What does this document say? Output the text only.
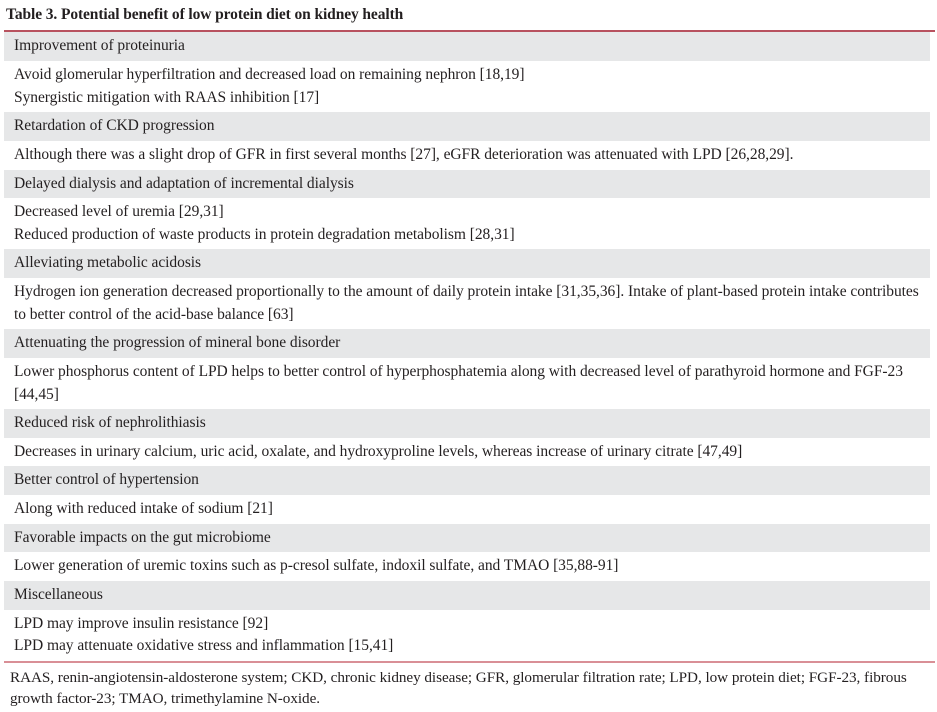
Table 3. Potential benefit of low protein diet on kidney health
Improvement of proteinuria
Avoid glomerular hyperfiltration and decreased load on remaining nephron [18,19]
Synergistic mitigation with RAAS inhibition [17]
Retardation of CKD progression
Although there was a slight drop of GFR in first several months [27], eGFR deterioration was attenuated with LPD [26,28,29].
Delayed dialysis and adaptation of incremental dialysis
Decreased level of uremia [29,31]
Reduced production of waste products in protein degradation metabolism [28,31]
Alleviating metabolic acidosis
Hydrogen ion generation decreased proportionally to the amount of daily protein intake [31,35,36]. Intake of plant-based protein intake contributes to better control of the acid-base balance [63]
Attenuating the progression of mineral bone disorder
Lower phosphorus content of LPD helps to better control of hyperphosphatemia along with decreased level of parathyroid hormone and FGF-23 [44,45]
Reduced risk of nephrolithiasis
Decreases in urinary calcium, uric acid, oxalate, and hydroxyproline levels, whereas increase of urinary citrate [47,49]
Better control of hypertension
Along with reduced intake of sodium [21]
Favorable impacts on the gut microbiome
Lower generation of uremic toxins such as p-cresol sulfate, indoxil sulfate, and TMAO [35,88-91]
Miscellaneous
LPD may improve insulin resistance [92]
LPD may attenuate oxidative stress and inflammation [15,41]
RAAS, renin-angiotensin-aldosterone system; CKD, chronic kidney disease; GFR, glomerular filtration rate; LPD, low protein diet; FGF-23, fibrous growth factor-23; TMAO, trimethylamine N-oxide.
